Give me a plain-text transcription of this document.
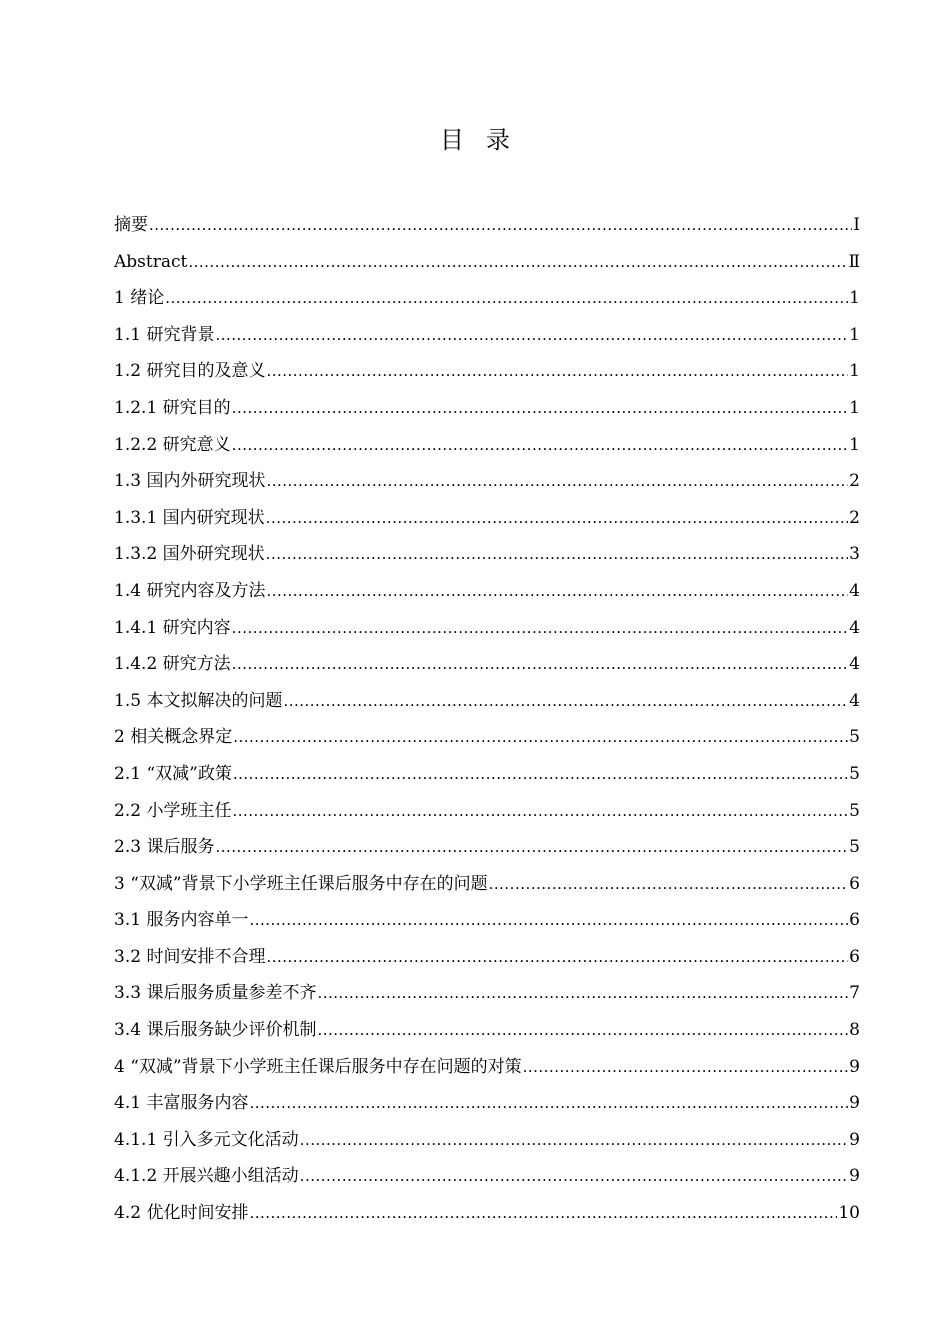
目录
摘要 .....	I
Abstract .....	Ⅱ
1 绪论 .....	1
1.1 研究背景 .....	1
1.2 研究目的及意义 .....	1
1.2.1 研究目的 .....	1
1.2.2 研究意义 .....	1
1.3 国内外研究现状 .....	2
1.3.1 国内研究现状 .....	2
1.3.2 国外研究现状 .....	3
1.4 研究内容及方法 .....	4
1.4.1 研究内容 .....	4
1.4.2 研究方法 .....	4
1.5 本文拟解决的问题 .....	4
2 相关概念界定 .....	5
2.1 “双减”政策 .....	5
2.2 小学班主任 .....	5
2.3 课后服务 .....	5
3 “双减”背景下小学班主任课后服务中存在的问题 .....	6
3.1 服务内容单一 .....	6
3.2 时间安排不合理 .....	6
3.3 课后服务质量参差不齐 .....	7
3.4 课后服务缺少评价机制 .....	8
4 “双减”背景下小学班主任课后服务中存在问题的对策 .....	9
4.1 丰富服务内容 .....	9
4.1.1 引入多元文化活动 .....	9
4.1.2 开展兴趣小组活动 .....	9
4.2 优化时间安排 .....	10
